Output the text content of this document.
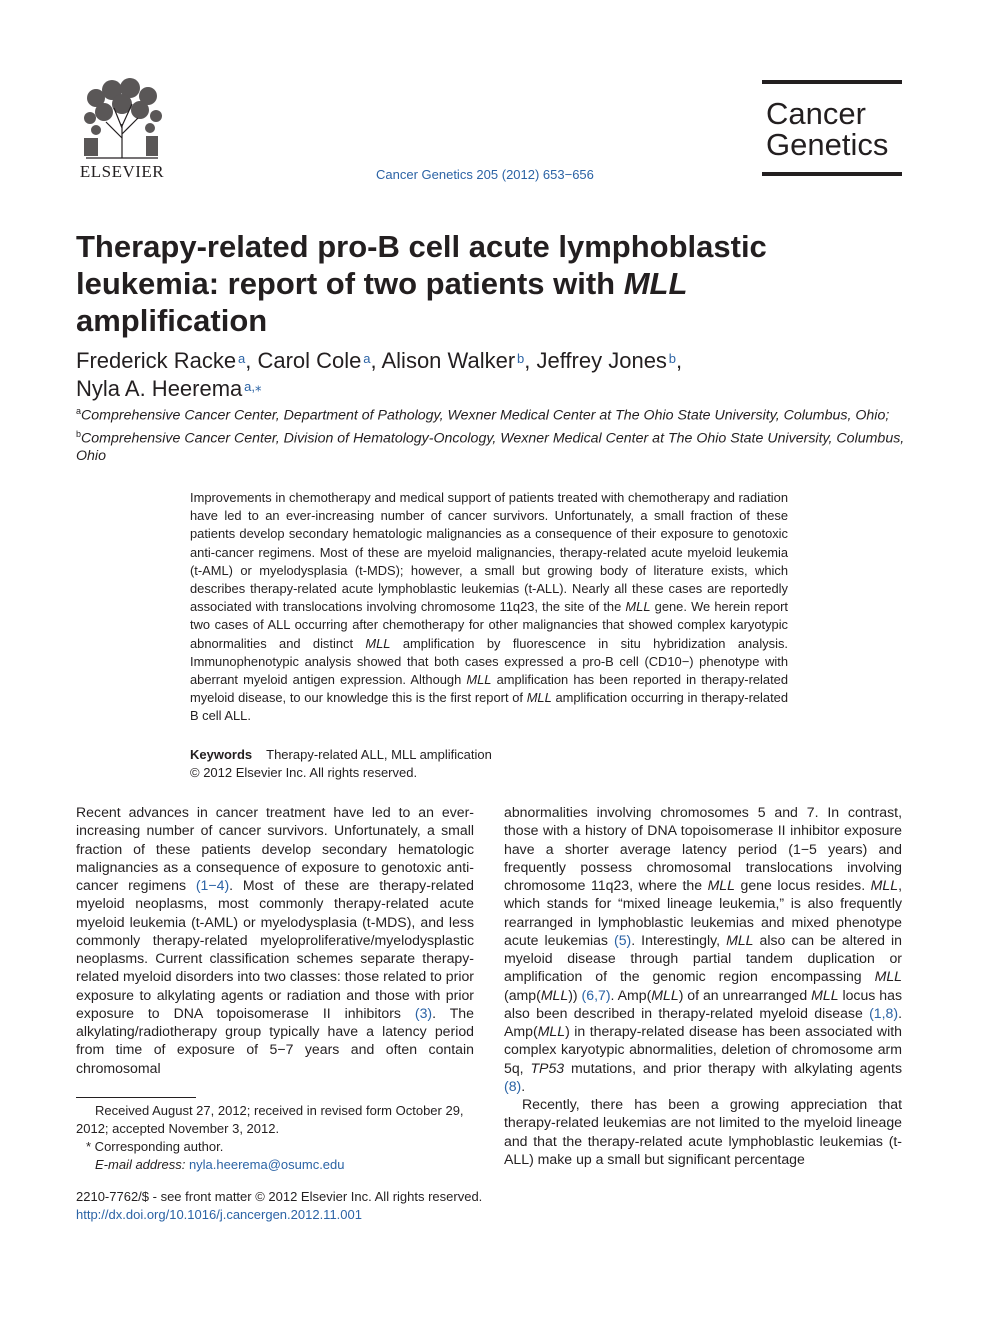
ELSEVIER	Cancer Genetics 205 (2012) 653−656
Cancer
Genetics
Therapy-related pro-B cell acute lymphoblastic leukemia: report of two patients with MLL amplification
Frederick Racke  $^a$, Carol Cole  $^a$, Alison Walker  $^b$, Jeffrey Jones  $^b$,
Nyla A. Heerema  $^{a,⁎}$
$^a$Comprehensive Cancer Center, Department of Pathology, Wexner Medical Center at The Ohio State University, Columbus, Ohio; $^b$Comprehensive Cancer Center, Division of Hematology-Oncology, Wexner Medical Center at The Ohio State University, Columbus, Ohio

Improvements in chemotherapy and medical support of patients treated with chemotherapy and radiation have led to an ever-increasing number of cancer survivors. Unfortunately, a small fraction of these patients develop secondary hematologic malignancies as a consequence of their exposure to genotoxic anti-cancer regimens. Most of these are myeloid malignancies, therapy-related acute myeloid leukemia (t-AML) or myelodysplasia (t-MDS); however, a small but growing body of literature exists, which describes therapy-related acute lymphoblastic leukemias (t-ALL). Nearly all these cases are reportedly associated with translocations involving chromosome 11q23, the site of the MLL gene. We herein report two cases of ALL occurring after chemotherapy for other malignancies that showed complex karyotypic abnormalities and distinct MLL amplification by fluorescence in situ hybridization analysis. Immunophenotypic analysis showed that both cases expressed a pro-B cell (CD10−) phenotype with aberrant myeloid antigen expression. Although MLL amplification has been reported in therapy-related myeloid disease, to our knowledge this is the first report of MLL amplification occurring in therapy-related B cell ALL.

Keywords Therapy-related ALL, MLL amplification
© 2012 Elsevier Inc. All rights reserved.

Recent advances in cancer treatment have led to an ever-increasing number of cancer survivors. Unfortunately, a small fraction of these patients develop secondary hematologic malignancies as a consequence of exposure to genotoxic anti-cancer regimens (1−4). Most of these are therapy-related myeloid neoplasms, most commonly therapy-related acute myeloid leukemia (t-AML) or myelodysplasia (t-MDS), and less commonly therapy-related myeloproliferative/myelodysplastic neoplasms. Current classification schemes separate therapy-related myeloid disorders into two classes: those related to prior exposure to alkylating agents or radiation and those with prior exposure to DNA topoisomerase II inhibitors (3). The alkylating/radiotherapy group typically have a latency period from time of exposure of 5−7 years and often contain chromosomal

abnormalities involving chromosomes 5 and 7. In contrast, those with a history of DNA topoisomerase II inhibitor exposure have a shorter average latency period (1−5 years) and frequently possess chromosomal translocations involving chromosome 11q23, where the MLL gene locus resides. MLL, which stands for “mixed lineage leukemia,” is also frequently rearranged in lymphoblastic leukemias and mixed phenotype acute leukemias (5). Interestingly, MLL also can be altered in myeloid disease through partial tandem duplication or amplification of the genomic region encompassing MLL (amp(MLL)) (6,7). Amp(MLL) of an unrearranged MLL locus has also been described in therapy-related myeloid disease (1,8). Amp(MLL) in therapy-related disease has been associated with complex karyotypic abnormalities, deletion of chromosome arm 5q, TP53 mutations, and prior therapy with alkylating agents (8).

Recently, there has been a growing appreciation that therapy-related leukemias are not limited to the myeloid lineage and that the therapy-related acute lymphoblastic leukemias (t-ALL) make up a small but significant percentage

Received August 27, 2012; received in revised form October 29, 2012; accepted November 3, 2012.

* Corresponding author.

E-mail address: nyla.heerema@osumc.edu

2210-7762/$ - see front matter © 2012 Elsevier Inc. All rights reserved.
http://dx.doi.org/10.1016/j.cancergen.2012.11.001
